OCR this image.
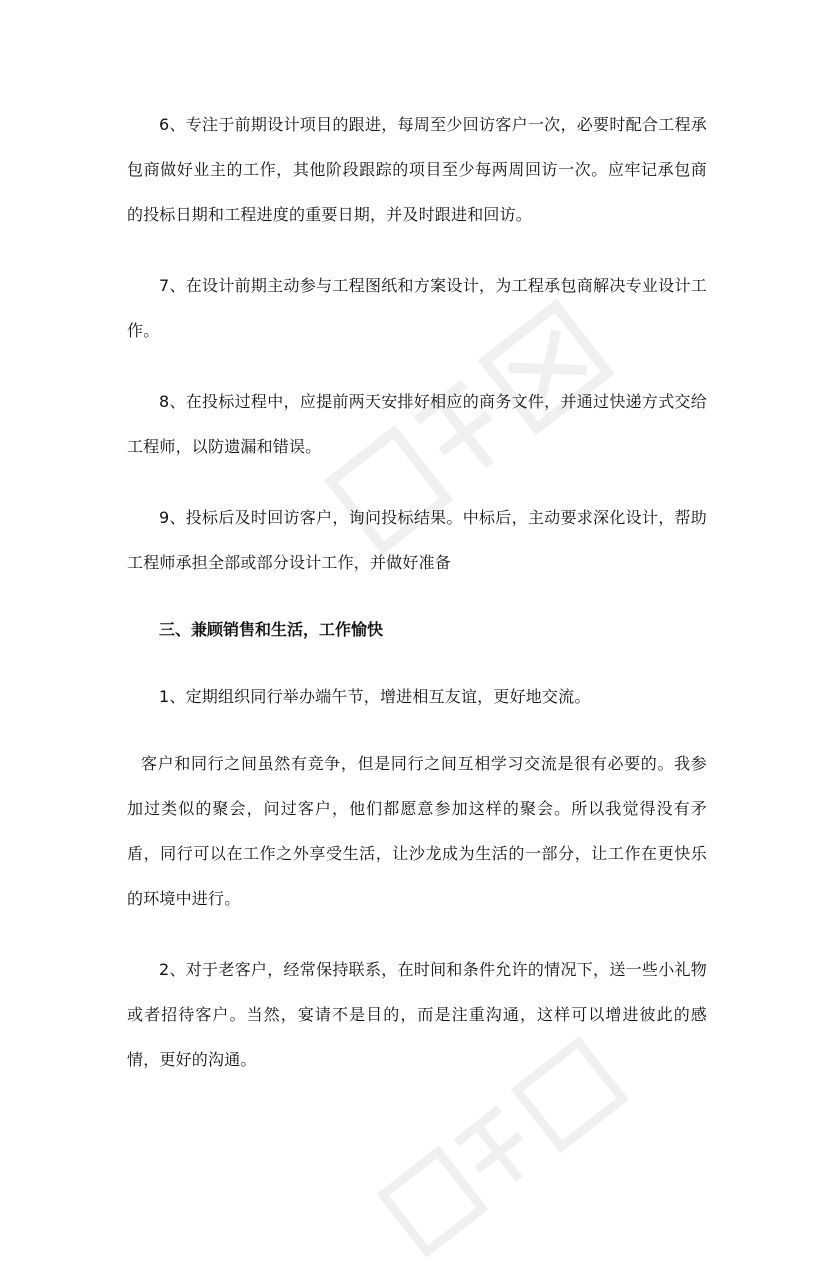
6、专注于前期设计项目的跟进，每周至少回访客户一次，必要时配合工程承包商做好业主的工作，其他阶段跟踪的项目至少每两周回访一次。应牢记承包商的投标日期和工程进度的重要日期，并及时跟进和回访。

7、在设计前期主动参与工程图纸和方案设计，为工程承包商解决专业设计工作。

8、在投标过程中，应提前两天安排好相应的商务文件，并通过快递方式交给工程师，以防遗漏和错误。

9、投标后及时回访客户，询问投标结果。中标后，主动要求深化设计，帮助工程师承担全部或部分设计工作，并做好准备

三、兼顾销售和生活，工作愉快

1、定期组织同行举办端午节，增进相互友谊，更好地交流。

客户和同行之间虽然有竞争，但是同行之间互相学习交流是很有必要的。我参加过类似的聚会，问过客户，他们都愿意参加这样的聚会。所以我觉得没有矛盾，同行可以在工作之外享受生活，让沙龙成为生活的一部分，让工作在更快乐的环境中进行。

2、对于老客户，经常保持联系，在时间和条件允许的情况下，送一些小礼物或者招待客户。当然，宴请不是目的，而是注重沟通，这样可以增进彼此的感情，更好的沟通。
